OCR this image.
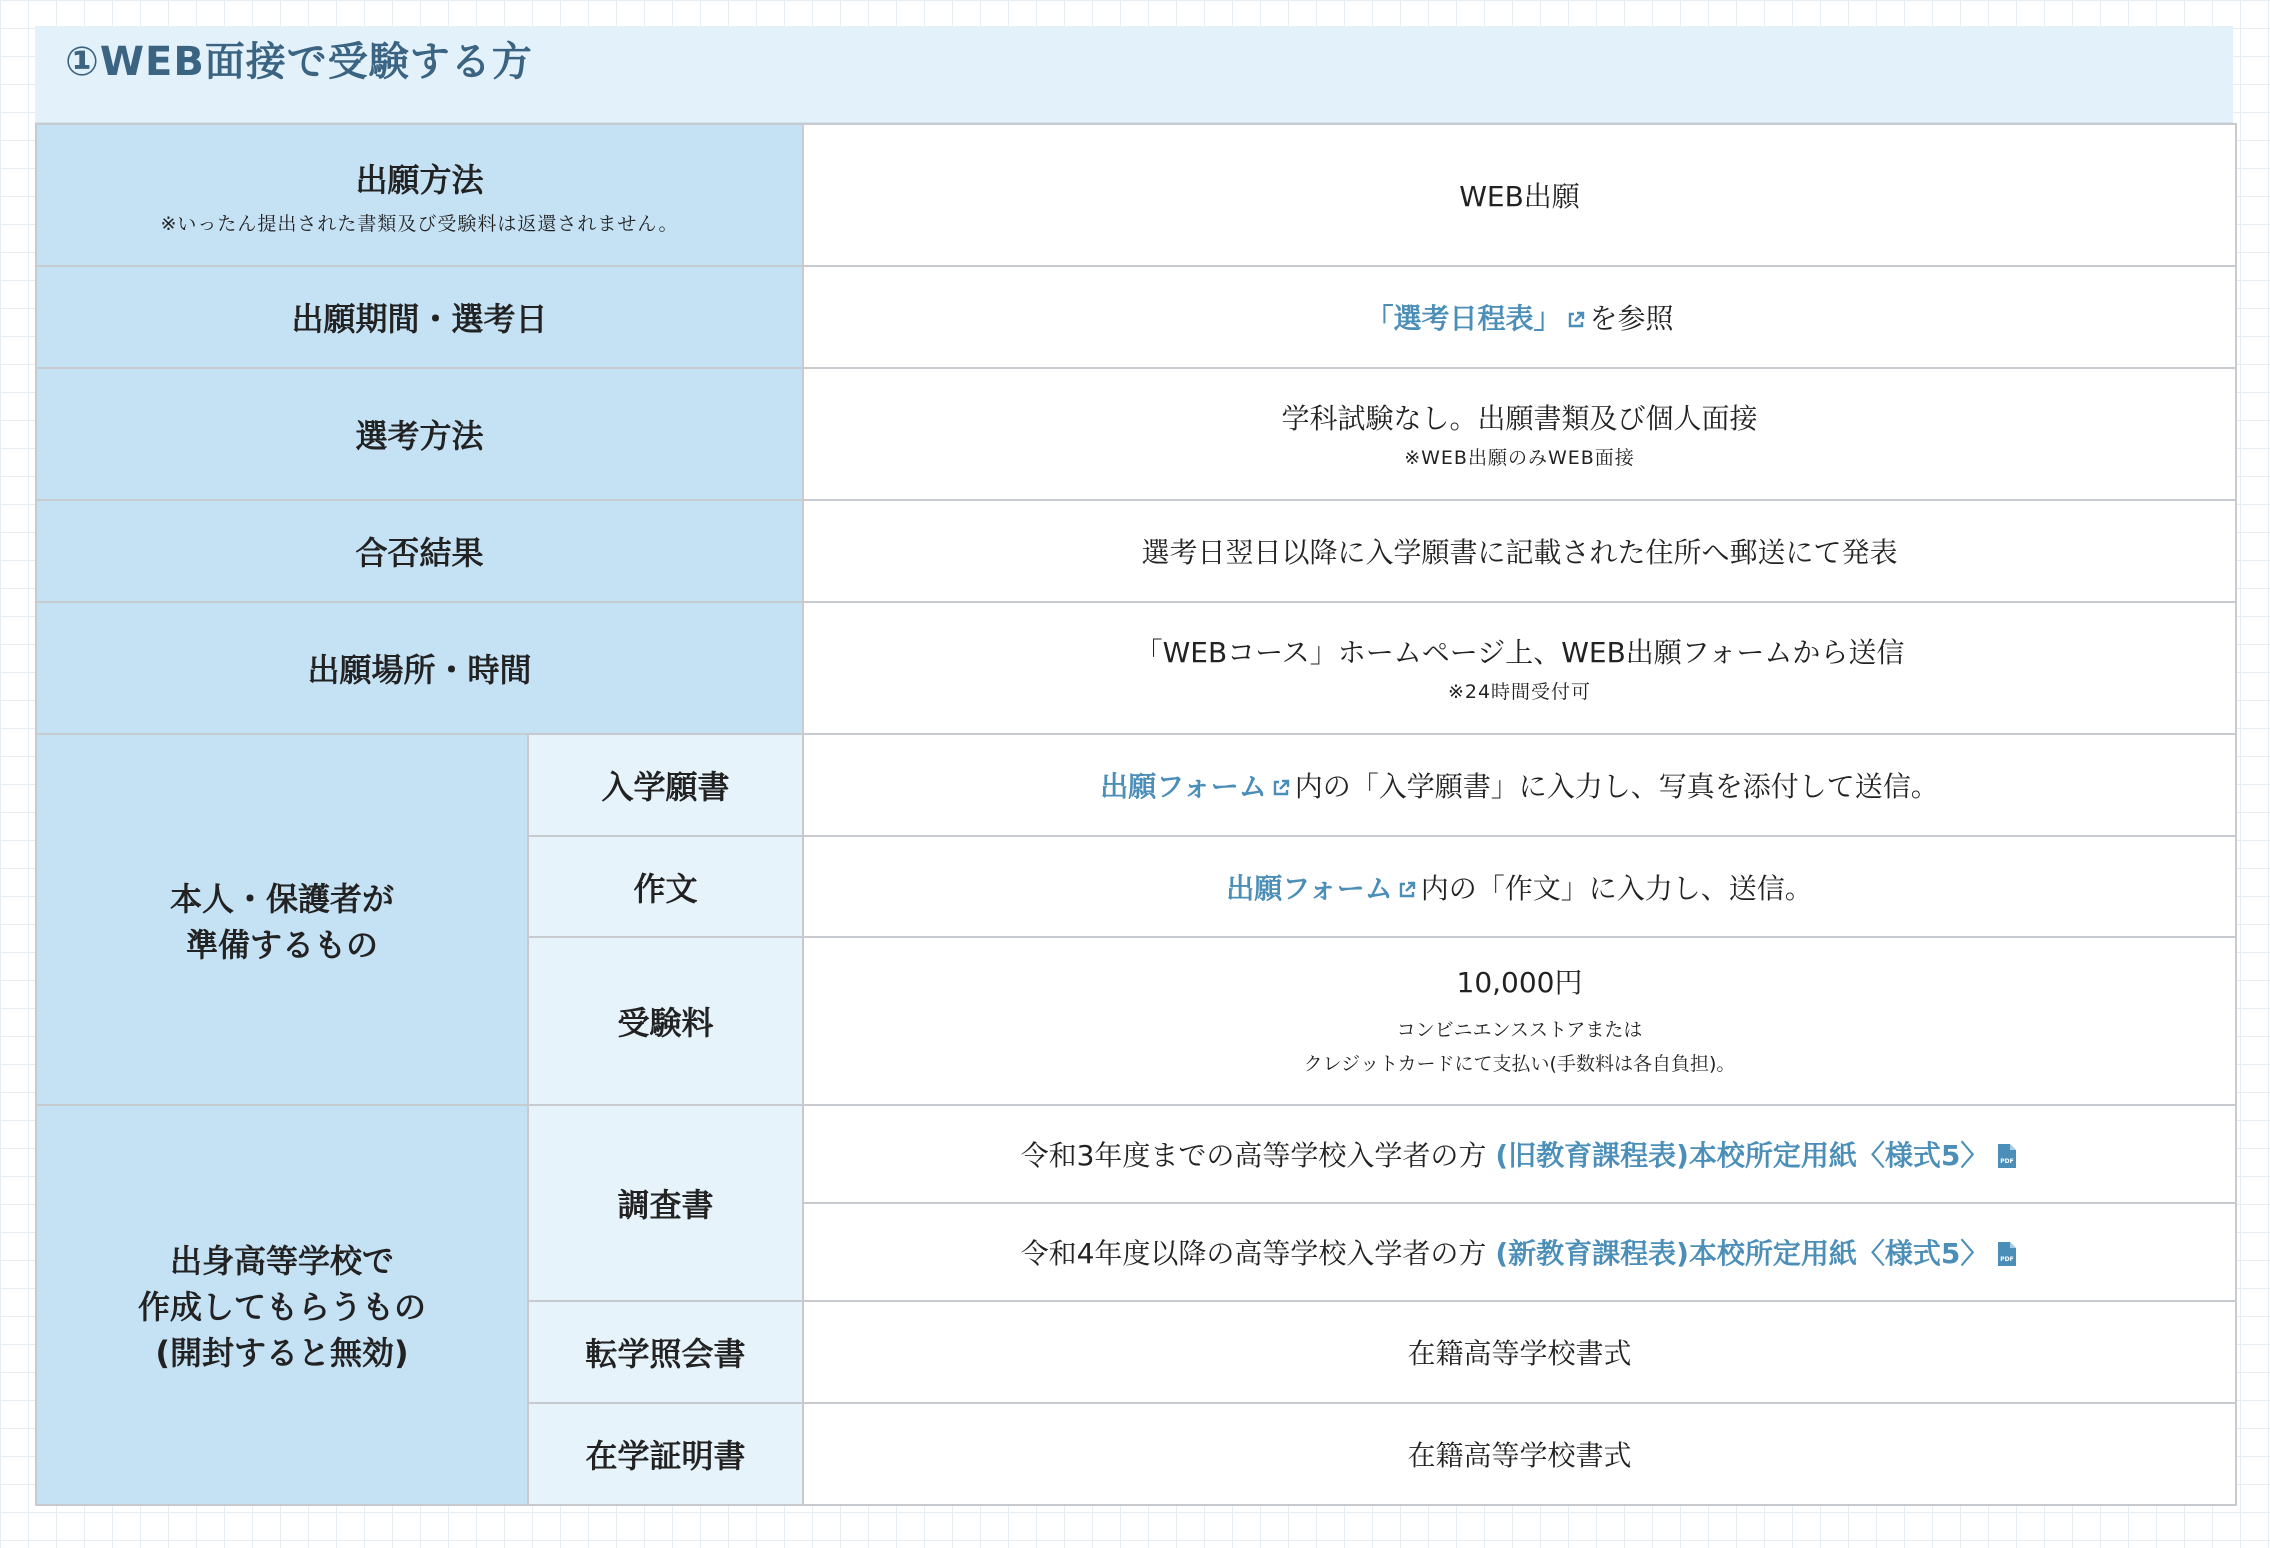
①WEB面接で受験する方
出願方法
※いったん提出された書類及び受験料は返還されません。		WEB出願
出願期間・選考日		「選考日程表」 を参照
選考方法		学科試験なし。出願書類及び個人面接
※WEB出願のみWEB面接

合否結果		選考日翌日以降に入学願書に記載された住所へ郵送にて発表
出願場所・時間		「WEBコース」ホームページ上、WEB出願フォームから送信
※24時間受付可

本人・保護者が
準備するもの	入学願書	出願フォーム 内の「入学願書」に入力し、写真を添付して送信。
	作文	出願フォーム 内の「作文」に入力し、送信。
	受験料	10,000円
コンビニエンスストアまたは
クレジットカードにて支払い(手数料は各自負担)。

出身高等学校で
作成してもらうもの
(開封すると無効)	調査書	令和3年度までの高等学校入学者の方 (旧教育課程表)本校所定用紙〈様式5〉 PDF

		令和4年度以降の高等学校入学者の方 (新教育課程表)本校所定用紙〈様式5〉 PDF

	転学照会書	在籍高等学校書式
	在学証明書	在籍高等学校書式
